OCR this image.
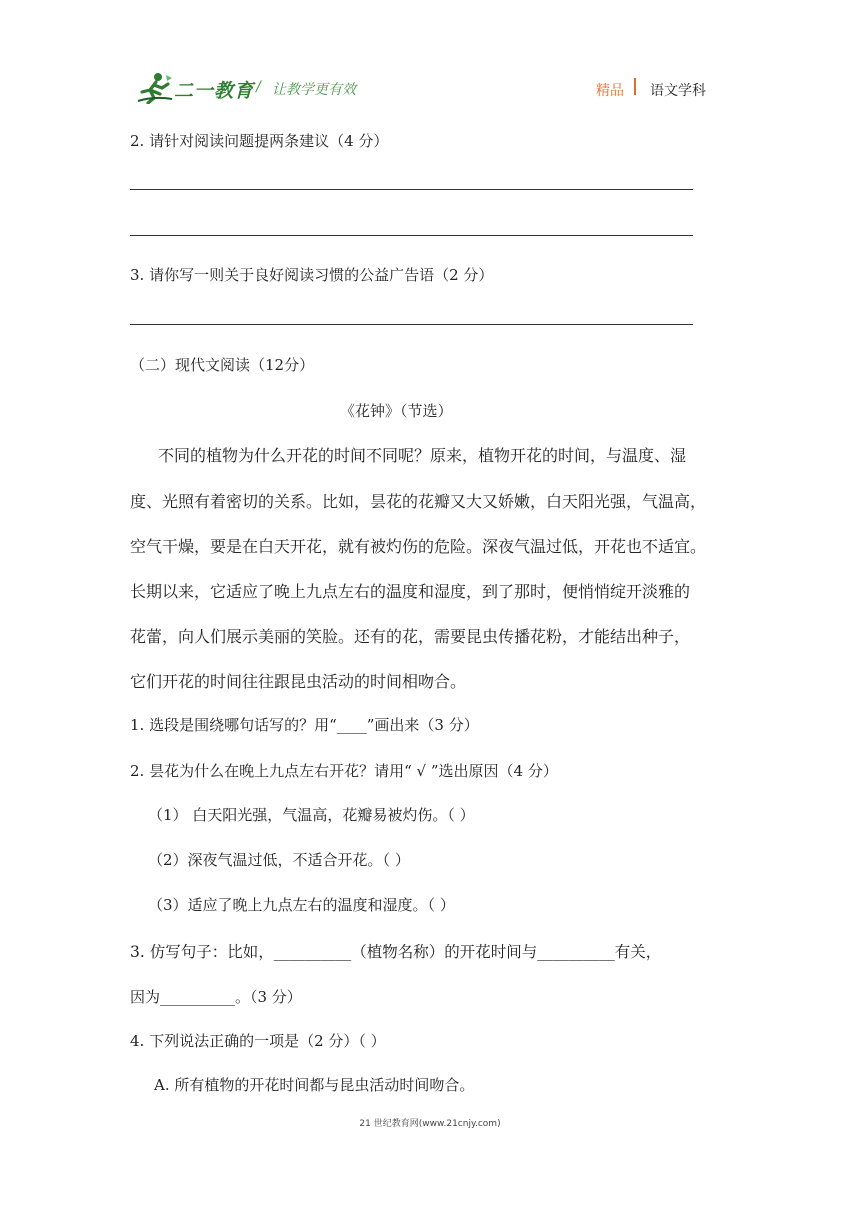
二一教育 / 让教学更有效	精品 语文学科
2. 请针对阅读问题提两条建议（4 分）
3. 请你写一则关于良好阅读习惯的公益广告语（2 分）
（二）现代文阅读（12分）
《花钟》（节选）
不同的植物为什么开花的时间不同呢？原来，植物开花的时间，与温度、湿
度、光照有着密切的关系。比如，昙花的花瓣又大又娇嫩，白天阳光强，气温高，
空气干燥，要是在白天开花，就有被灼伤的危险。深夜气温过低，开花也不适宜。
长期以来，它适应了晚上九点左右的温度和湿度，到了那时，便悄悄绽开淡雅的
花蕾，向人们展示美丽的笑脸。还有的花，需要昆虫传播花粉，才能结出种子，
它们开花的时间往往跟昆虫活动的时间相吻合。
1. 选段是围绕哪句话写的？用“____”画出来（3 分）
2. 昙花为什么在晚上九点左右开花？请用“ √ ”选出原因（4 分）
（1） 白天阳光强，气温高，花瓣易被灼伤。（ ）
（2）深夜气温过低，不适合开花。（ ）
（3）适应了晚上九点左右的温度和湿度。（ ）
3. 仿写句子：比如，__________（植物名称）的开花时间与__________有关，
因为__________。（3 分）
4. 下列说法正确的一项是（2 分）（ ）
A. 所有植物的开花时间都与昆虫活动时间吻合。
21 世纪教育网(www.21cnjy.com)
